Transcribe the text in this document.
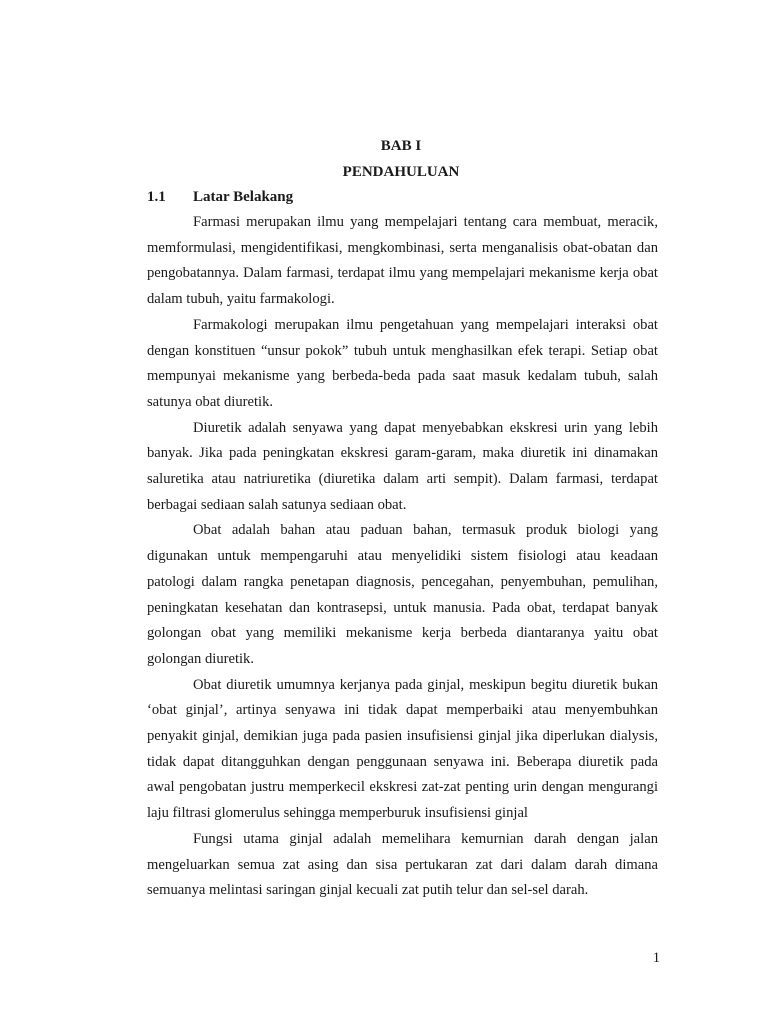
BAB I
PENDAHULUAN
1.1 Latar Belakang

Farmasi merupakan ilmu yang mempelajari tentang cara membuat, meracik, memformulasi, mengidentifikasi, mengkombinasi, serta menganalisis obat-obatan dan pengobatannya. Dalam farmasi, terdapat ilmu yang mempelajari mekanisme kerja obat dalam tubuh, yaitu farmakologi.

Farmakologi merupakan ilmu pengetahuan yang mempelajari interaksi obat dengan konstituen “unsur pokok” tubuh untuk menghasilkan efek terapi. Setiap obat mempunyai mekanisme yang berbeda-beda pada saat masuk kedalam tubuh, salah satunya obat diuretik.

Diuretik adalah senyawa yang dapat menyebabkan ekskresi urin yang lebih banyak. Jika pada peningkatan ekskresi garam-garam, maka diuretik ini dinamakan saluretika atau natriuretika (diuretika dalam arti sempit). Dalam farmasi, terdapat berbagai sediaan salah satunya sediaan obat.

Obat adalah bahan atau paduan bahan, termasuk produk biologi yang digunakan untuk mempengaruhi atau menyelidiki sistem fisiologi atau keadaan patologi dalam rangka penetapan diagnosis, pencegahan, penyembuhan, pemulihan, peningkatan kesehatan dan kontrasepsi, untuk manusia. Pada obat, terdapat banyak golongan obat yang memiliki mekanisme kerja berbeda diantaranya yaitu obat golongan diuretik.

Obat diuretik umumnya kerjanya pada ginjal, meskipun begitu diuretik bukan ‘obat ginjal’, artinya senyawa ini tidak dapat memperbaiki atau menyembuhkan penyakit ginjal, demikian juga pada pasien insufisiensi ginjal jika diperlukan dialysis, tidak dapat ditangguhkan dengan penggunaan senyawa ini. Beberapa diuretik pada awal pengobatan justru memperkecil ekskresi zat-zat penting urin dengan mengurangi laju filtrasi glomerulus sehingga memperburuk insufisiensi ginjal

Fungsi utama ginjal adalah memelihara kemurnian darah dengan jalan mengeluarkan semua zat asing dan sisa pertukaran zat dari dalam darah dimana semuanya melintasi saringan ginjal kecuali zat putih telur dan sel-sel darah.

1
